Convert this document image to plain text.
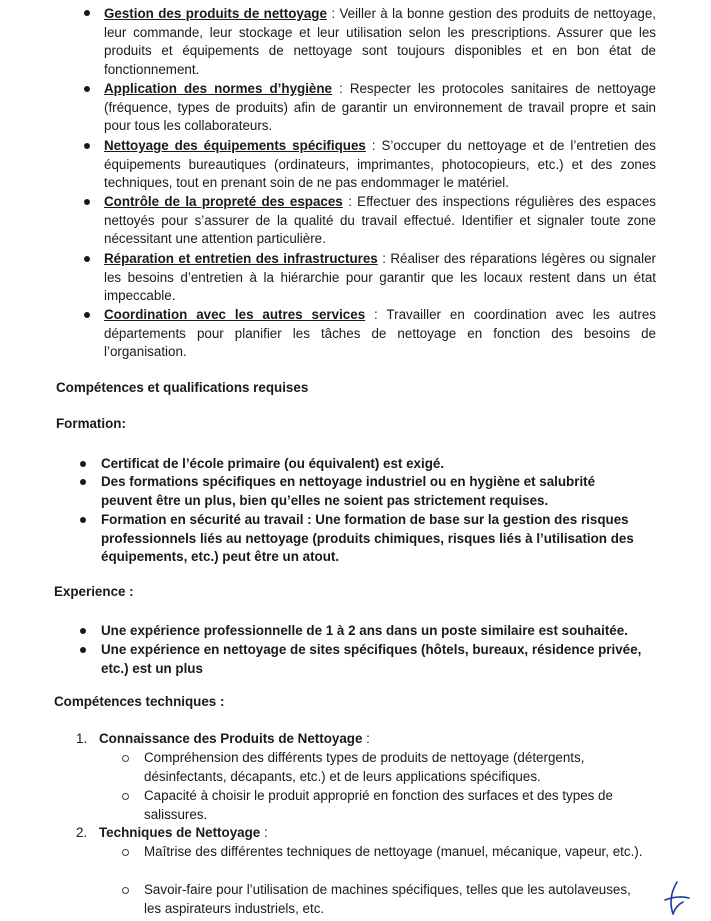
Gestion des produits de nettoyage : Veiller à la bonne gestion des produits de nettoyage, leur commande, leur stockage et leur utilisation selon les prescriptions. Assurer que les produits et équipements de nettoyage sont toujours disponibles et en bon état de fonctionnement.
Application des normes d’hygiène : Respecter les protocoles sanitaires de nettoyage (fréquence, types de produits) afin de garantir un environnement de travail propre et sain pour tous les collaborateurs.
Nettoyage des équipements spécifiques : S’occuper du nettoyage et de l’entretien des équipements bureautiques (ordinateurs, imprimantes, photocopieurs, etc.) et des zones techniques, tout en prenant soin de ne pas endommager le matériel.
Contrôle de la propreté des espaces : Effectuer des inspections régulières des espaces nettoyés pour s’assurer de la qualité du travail effectué. Identifier et signaler toute zone nécessitant une attention particulière.
Réparation et entretien des infrastructures : Réaliser des réparations légères ou signaler les besoins d’entretien à la hiérarchie pour garantir que les locaux restent dans un état impeccable.
Coordination avec les autres services : Travailler en coordination avec les autres départements pour planifier les tâches de nettoyage en fonction des besoins de l’organisation.
Compétences et qualifications requises
Formation:
Certificat de l’école primaire (ou équivalent) est exigé.
Des formations spécifiques en nettoyage industriel ou en hygiène et salubrité peuvent être un plus, bien qu’elles ne soient pas strictement requises.
Formation en sécurité au travail : Une formation de base sur la gestion des risques professionnels liés au nettoyage (produits chimiques, risques liés à l’utilisation des équipements, etc.) peut être un atout.
Experience :
Une expérience professionnelle de 1 à 2 ans dans un poste similaire est souhaitée.
Une expérience en nettoyage de sites spécifiques (hôtels, bureaux, résidence privée, etc.) est un plus
Compétences techniques :
1. Connaissance des Produits de Nettoyage :
Compréhension des différents types de produits de nettoyage (détergents, désinfectants, décapants, etc.) et de leurs applications spécifiques.
Capacité à choisir le produit approprié en fonction des surfaces et des types de salissures.
2. Techniques de Nettoyage :
Maîtrise des différentes techniques de nettoyage (manuel, mécanique, vapeur, etc.).
Savoir-faire pour l’utilisation de machines spécifiques, telles que les autolaveuses, les aspirateurs industriels, etc.
